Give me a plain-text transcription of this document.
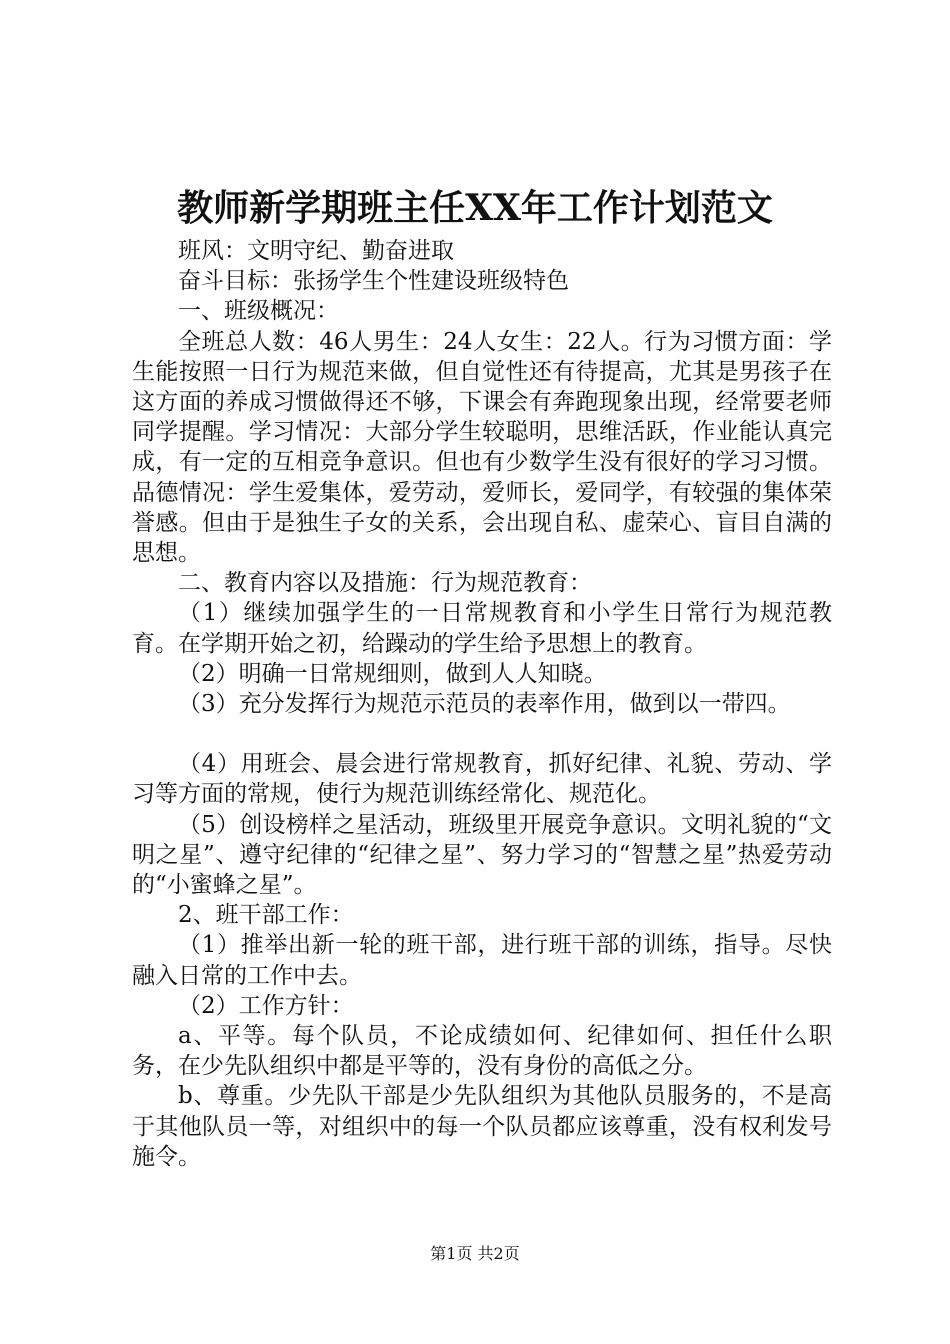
教师新学期班主任XX年工作计划范文

班风：文明守纪、勤奋进取

奋斗目标：张扬学生个性建设班级特色

一、班级概况：

全班总人数：46人男生：24人女生：22人。行为习惯方面：学生能按照一日行为规范来做，但自觉性还有待提高，尤其是男孩子在这方面的养成习惯做得还不够，下课会有奔跑现象出现，经常要老师同学提醒。学习情况：大部分学生较聪明，思维活跃，作业能认真完成，有一定的互相竞争意识。但也有少数学生没有很好的学习习惯。品德情况：学生爱集体，爱劳动，爱师长，爱同学，有较强的集体荣誉感。但由于是独生子女的关系，会出现自私、虚荣心、盲目自满的思想。

二、教育内容以及措施：行为规范教育：

（1）继续加强学生的一日常规教育和小学生日常行为规范教育。在学期开始之初，给躁动的学生给予思想上的教育。

（2）明确一日常规细则，做到人人知晓。

（3）充分发挥行为规范示范员的表率作用，做到以一带四。

（4）用班会、晨会进行常规教育，抓好纪律、礼貌、劳动、学习等方面的常规，使行为规范训练经常化、规范化。

（5）创设榜样之星活动，班级里开展竞争意识。文明礼貌的“文明之星”、遵守纪律的“纪律之星”、努力学习的“智慧之星”热爱劳动的“小蜜蜂之星”。

2、班干部工作：

（1）推举出新一轮的班干部，进行班干部的训练，指导。尽快融入日常的工作中去。

（2）工作方针：

a、平等。每个队员，不论成绩如何、纪律如何、担任什么职务，在少先队组织中都是平等的，没有身份的高低之分。

b、尊重。少先队干部是少先队组织为其他队员服务的，不是高于其他队员一等，对组织中的每一个队员都应该尊重，没有权利发号施令。

第1页 共2页
